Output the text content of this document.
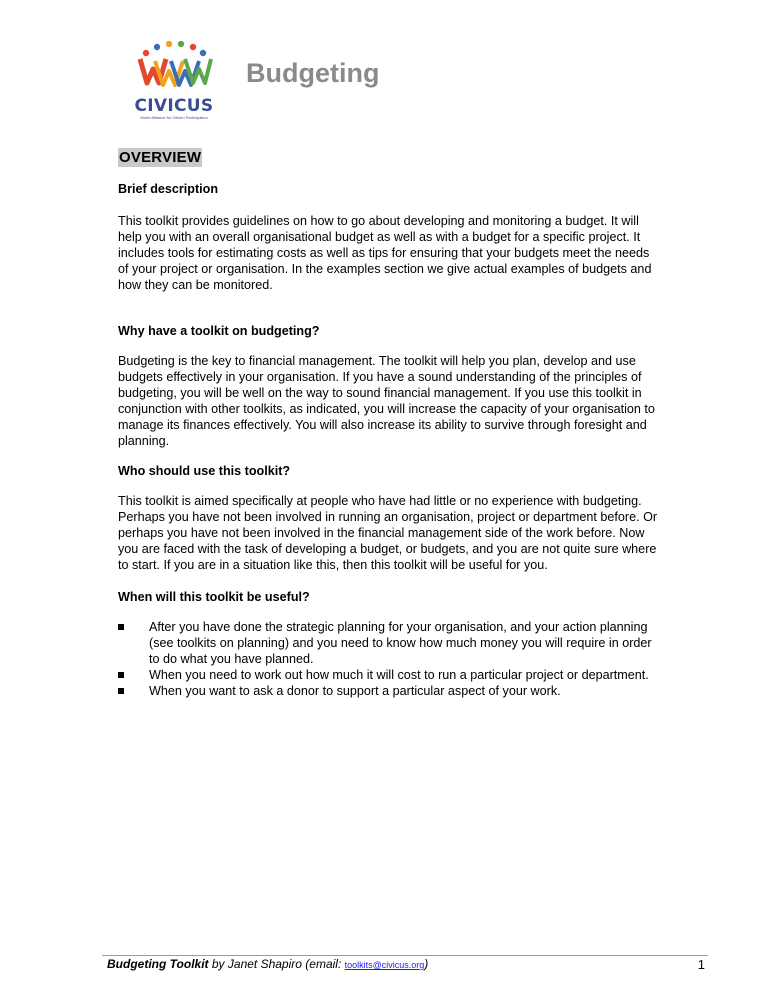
CIVICUS
World Alliance for Citizen Participation
Budgeting
OVERVIEW
Brief description

This toolkit provides guidelines on how to go about developing and monitoring a budget. It will help you with an overall organisational budget as well as with a budget for a specific project. It includes tools for estimating costs as well as tips for ensuring that your budgets meet the needs of your project or organisation. In the examples section we give actual examples of budgets and how they can be monitored.

Why have a toolkit on budgeting?

Budgeting is the key to financial management. The toolkit will help you plan, develop and use budgets effectively in your organisation. If you have a sound understanding of the principles of budgeting, you will be well on the way to sound financial management. If you use this toolkit in conjunction with other toolkits, as indicated, you will increase the capacity of your organisation to manage its finances effectively. You will also increase its ability to survive through foresight and planning.

Who should use this toolkit?

This toolkit is aimed specifically at people who have had little or no experience with budgeting. Perhaps you have not been involved in running an organisation, project or department before. Or perhaps you have not been involved in the financial management side of the work before. Now you are faced with the task of developing a budget, or budgets, and you are not quite sure where to start. If you are in a situation like this, then this toolkit will be useful for you.

When will this toolkit be useful?
After you have done the strategic planning for your organisation, and your action planning (see toolkits on planning) and you need to know how much money you will require in order to do what you have planned.
When you need to work out how much it will cost to run a particular project or department.
When you want to ask a donor to support a particular aspect of your work.
Budgeting Toolkit by Janet Shapiro (email: toolkits@civicus.org)	1
